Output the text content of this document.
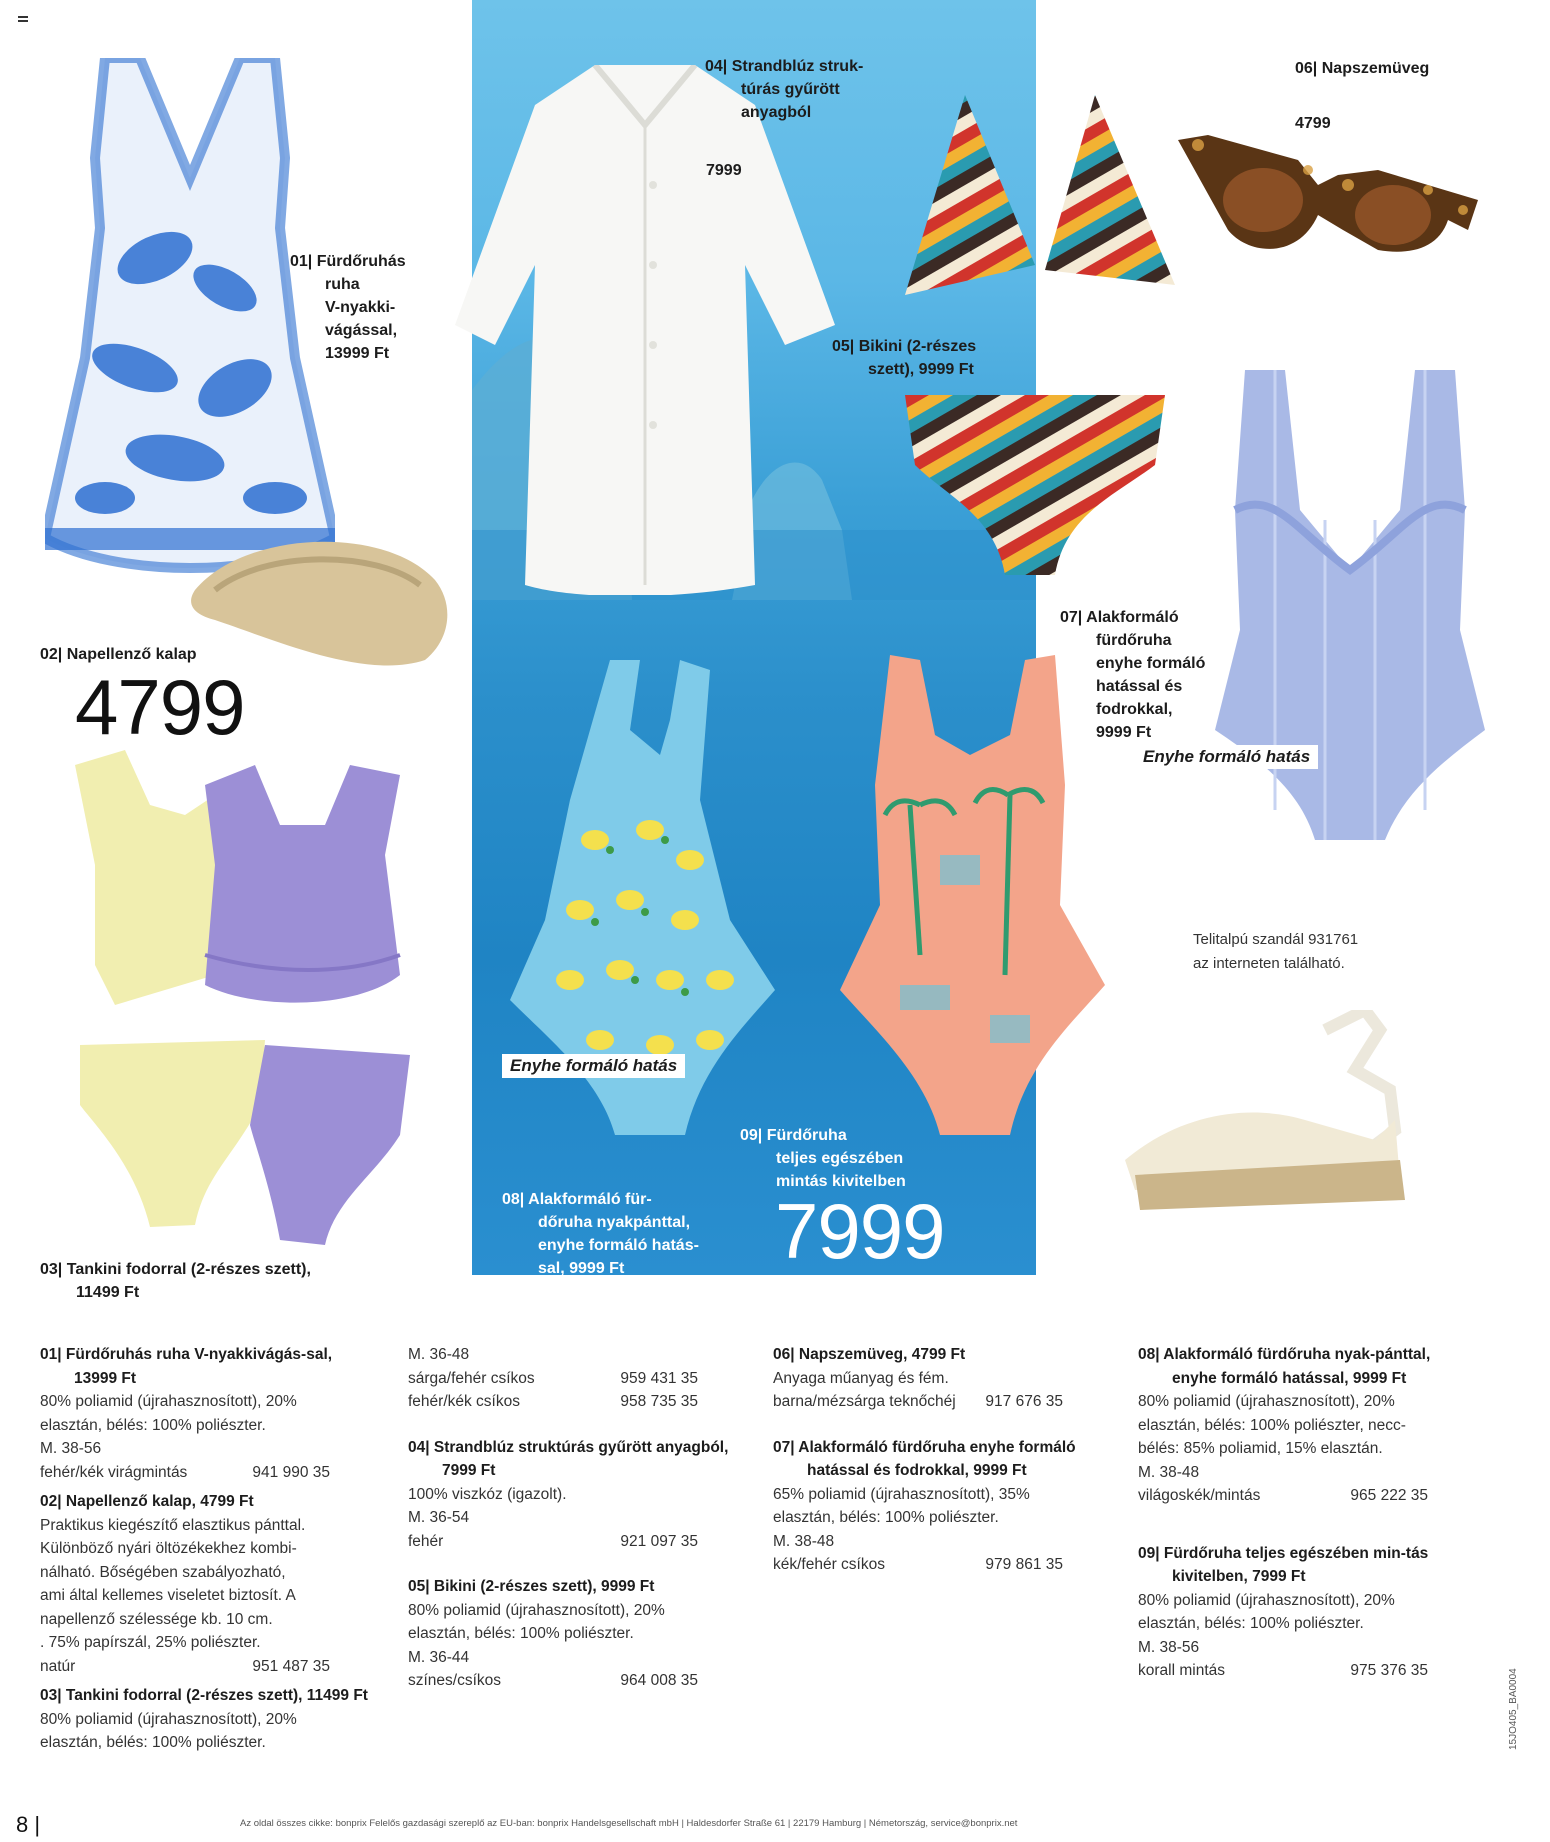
01| Fürdőruhás
ruha
V-nyakki-
vágással,
13999 Ft
02| Napellenző kalap
4799
03| Tankini fodorral (2-részes szett),
11499 Ft
04| Strandblúz struk-
túrás gyűrött
anyagból
7999
05| Bikini (2-részes
szett), 9999 Ft
06| Napszemüveg
4799
07| Alakformáló
fürdőruha
enyhe formáló
hatással és
fodrokkal,
9999 Ft
Enyhe formáló hatás
Enyhe formáló hatás
08| Alakformáló für-
dőruha nyakpánttal,
enyhe formáló hatás-
sal, 9999 Ft
09| Fürdőruha
teljes egészében
mintás kivitelben
7999
Telitalpú szandál 931761
az interneten található.
01| Fürdőruhás ruha V-nyakkivágás-sal, 13999 Ft
80% poliamid (újrahasznosított), 20%
elasztán, bélés: 100% poliészter.
M. 38-56
fehér/kék virágmintás	941 990 35
02| Napellenző kalap, 4799 Ft
Praktikus kiegészítő elasztikus pánttal.
Különböző nyári öltözékekhez kombi-
nálható. Bőségében szabályozható,
ami által kellemes viseletet biztosít. A
napellenző szélessége kb. 10 cm.
. 75% papírszál, 25% poliészter.
natúr	951 487 35
03| Tankini fodorral (2-részes szett), 11499 Ft
80% poliamid (újrahasznosított), 20%
elasztán, bélés: 100% poliészter.
M. 36-48
sárga/fehér csíkos	959 431 35
fehér/kék csíkos	958 735 35
04| Strandblúz struktúrás gyűrött anyagból, 7999 Ft
100% viszkóz (igazolt).
M. 36-54
fehér	921 097 35
05| Bikini (2-részes szett), 9999 Ft
80% poliamid (újrahasznosított), 20%
elasztán, bélés: 100% poliészter.
M. 36-44
színes/csíkos	964 008 35
06| Napszemüveg, 4799 Ft
Anyaga műanyag és fém.
barna/mézsárga teknőchéj 917 676 35
07| Alakformáló fürdőruha enyhe formáló hatással és fodrokkal, 9999 Ft
65% poliamid (újrahasznosított), 35%
elasztán, bélés: 100% poliészter.
M. 38-48
kék/fehér csíkos	979 861 35
08| Alakformáló fürdőruha nyak-pánttal, enyhe formáló hatással, 9999 Ft
80% poliamid (újrahasznosított), 20%
elasztán, bélés: 100% poliészter, necc-
bélés: 85% poliamid, 15% elasztán.
M. 38-48
világoskék/mintás	965 222 35
09| Fürdőruha teljes egészében min-tás kivitelben, 7999 Ft
80% poliamid (újrahasznosított), 20%
elasztán, bélés: 100% poliészter.
M. 38-56
korall mintás	975 376 35
8 |	Az oldal összes cikke: bonprix Felelős gazdasági szereplő az EU-ban: bonprix Handelsgesellschaft mbH | Haldesdorfer Straße 61 | 22179 Hamburg | Németország, service@bonprix.net
15JO405_BA0004
